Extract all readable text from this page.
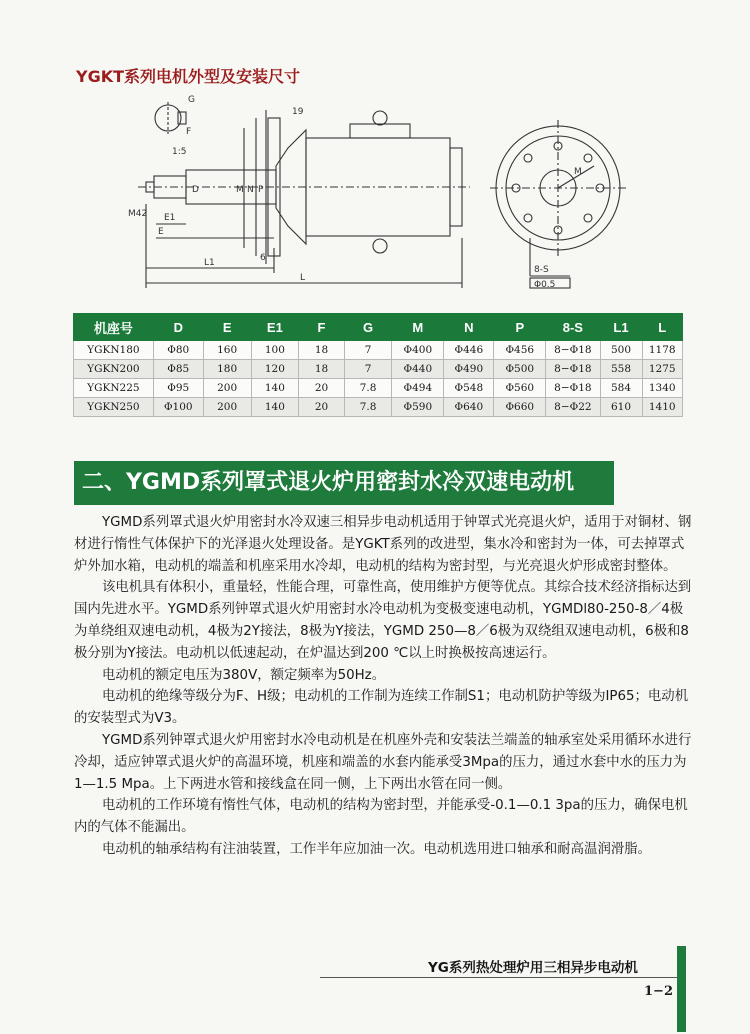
YGKT系列电机外型及安装尺寸
G
F
19
1:5
M42
D	N
M P
E1
E
6
L1
L
M
8-S
Φ0.5
机座号	D	E	E1	F	G	M	N	P	8-S	L1	L
YGKN180	Φ80	160	100	18	7	Φ400	Φ446	Φ456	8−Φ18	500	1178
YGKN200	Φ85	180	120	18	7	Φ440	Φ490	Φ500	8−Φ18	558	1275
YGKN225	Φ95	200	140	20	7.8	Φ494	Φ548	Φ560	8−Φ18	584	1340
YGKN250	Φ100	200	140	20	7.8	Φ590	Φ640	Φ660	8−Φ22	610	1410
二、YGMD系列罩式退火炉用密封水冷双速电动机

YGMD系列罩式退火炉用密封水冷双速三相异步电动机适用于钟罩式光亮退火炉，适用于对铜材、钢材进行惰性气体保护下的光泽退火处理设备。是YGKT系列的改进型，集水冷和密封为一体，可去掉罩式炉外加水箱，电动机的端盖和机座采用水冷却，电动机的结构为密封型，与光亮退火炉形成密封整体。

该电机具有体积小，重量轻，性能合理，可靠性高，使用维护方便等优点。其综合技术经济指标达到国内先进水平。YGMD系列钟罩式退火炉用密封水冷电动机为变极变速电动机，YGMDl80-250-8／4极为单绕组双速电动机，4极为2Y接法，8极为Y接法，YGMD 250—8／6极为双绕组双速电动机，6极和8极分别为Y接法。电动机以低速起动，在炉温达到200 ℃以上时换极按高速运行。

电动机的额定电压为380V，额定频率为50Hz。

电动机的绝缘等级分为F、H级；电动机的工作制为连续工作制S1；电动机防护等级为IP65；电动机的安装型式为V3。

YGMD系列钟罩式退火炉用密封水冷电动机是在机座外壳和安装法兰端盖的轴承室处采用循环水进行冷却，适应钟罩式退火炉的高温环境，机座和端盖的水套内能承受3Mpa的压力，通过水套中水的压力为1—1.5 Mpa。上下两进水管和接线盒在同一侧，上下两出水管在同一侧。

电动机的工作环境有惰性气体，电动机的结构为密封型，并能承受-0.1—0.1 3pa的压力，确保电机内的气体不能漏出。

电动机的轴承结构有注油装置，工作半年应加油一次。电动机选用进口轴承和耐高温润滑脂。

YG系列热处理炉用三相异步电动机
1−2
